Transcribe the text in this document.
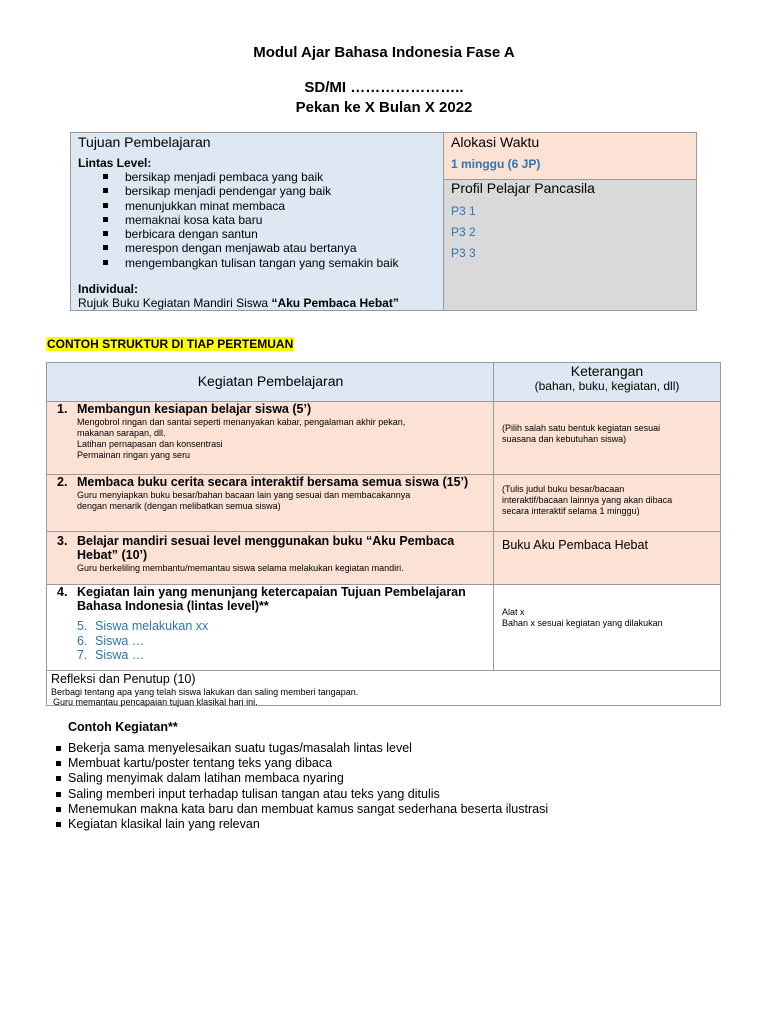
Modul Ajar Bahasa Indonesia Fase A
SD/MI …………………..
Pekan ke X Bulan X 2022
Tujuan Pembelajaran
Lintas Level:
bersikap menjadi pembaca yang baik
bersikap menjadi pendengar yang baik
menunjukkan minat membaca
memaknai kosa kata baru
berbicara dengan santun
merespon dengan menjawab atau bertanya
mengembangkan tulisan tangan yang semakin baik
Individual:
Rujuk Buku Kegiatan Mandiri Siswa “Aku Pembaca Hebat”
Alokasi Waktu
1 minggu (6 JP)
Profil Pelajar Pancasila
P3 1
P3 2
P3 3
CONTOH STRUKTUR DI TIAP PERTEMUAN
Kegiatan Pembelajaran
Keterangan
(bahan, buku, kegiatan, dll)
1. Membangun kesiapan belajar siswa (5’)
Mengobrol ringan dan santai seperti menanyakan kabar, pengalaman akhir pekan,
makanan sarapan, dll.
Latihan pernapasan dan konsentrasi
Permainan ringan yang seru
(Pilih salah satu bentuk kegiatan sesuai
suasana dan kebutuhan siswa)
2. Membaca buku cerita secara interaktif bersama semua siswa (15’)
Guru menyiapkan buku besar/bahan bacaan lain yang sesuai dan membacakannya
dengan menarik (dengan melibatkan semua siswa)
(Tulis judul buku besar/bacaan
interaktif/bacaan lainnya yang akan dibaca
secara interaktif selama 1 minggu)
3. Belajar mandiri sesuai level menggunakan buku “Aku Pembaca
Hebat” (10’)
Guru berkeliling membantu/memantau siswa selama melakukan kegiatan mandiri.
Buku Aku Pembaca Hebat
4. Kegiatan lain yang menunjang ketercapaian Tujuan Pembelajaran
Bahasa Indonesia (lintas level)**
5. Siswa melakukan xx
6. Siswa …
7. Siswa …
Alat x
Bahan x sesuai kegiatan yang dilakukan
Refleksi dan Penutup (10)
Berbagi tentang apa yang telah siswa lakukan dan saling memberi tangapan.
Guru memantau pencapaian tujuan klasikal hari ini.
Contoh Kegiatan**
Bekerja sama menyelesaikan suatu tugas/masalah lintas level
Membuat kartu/poster tentang teks yang dibaca
Saling menyimak dalam latihan membaca nyaring
Saling memberi input terhadap tulisan tangan atau teks yang ditulis
Menemukan makna kata baru dan membuat kamus sangat sederhana beserta ilustrasi
Kegiatan klasikal lain yang relevan
